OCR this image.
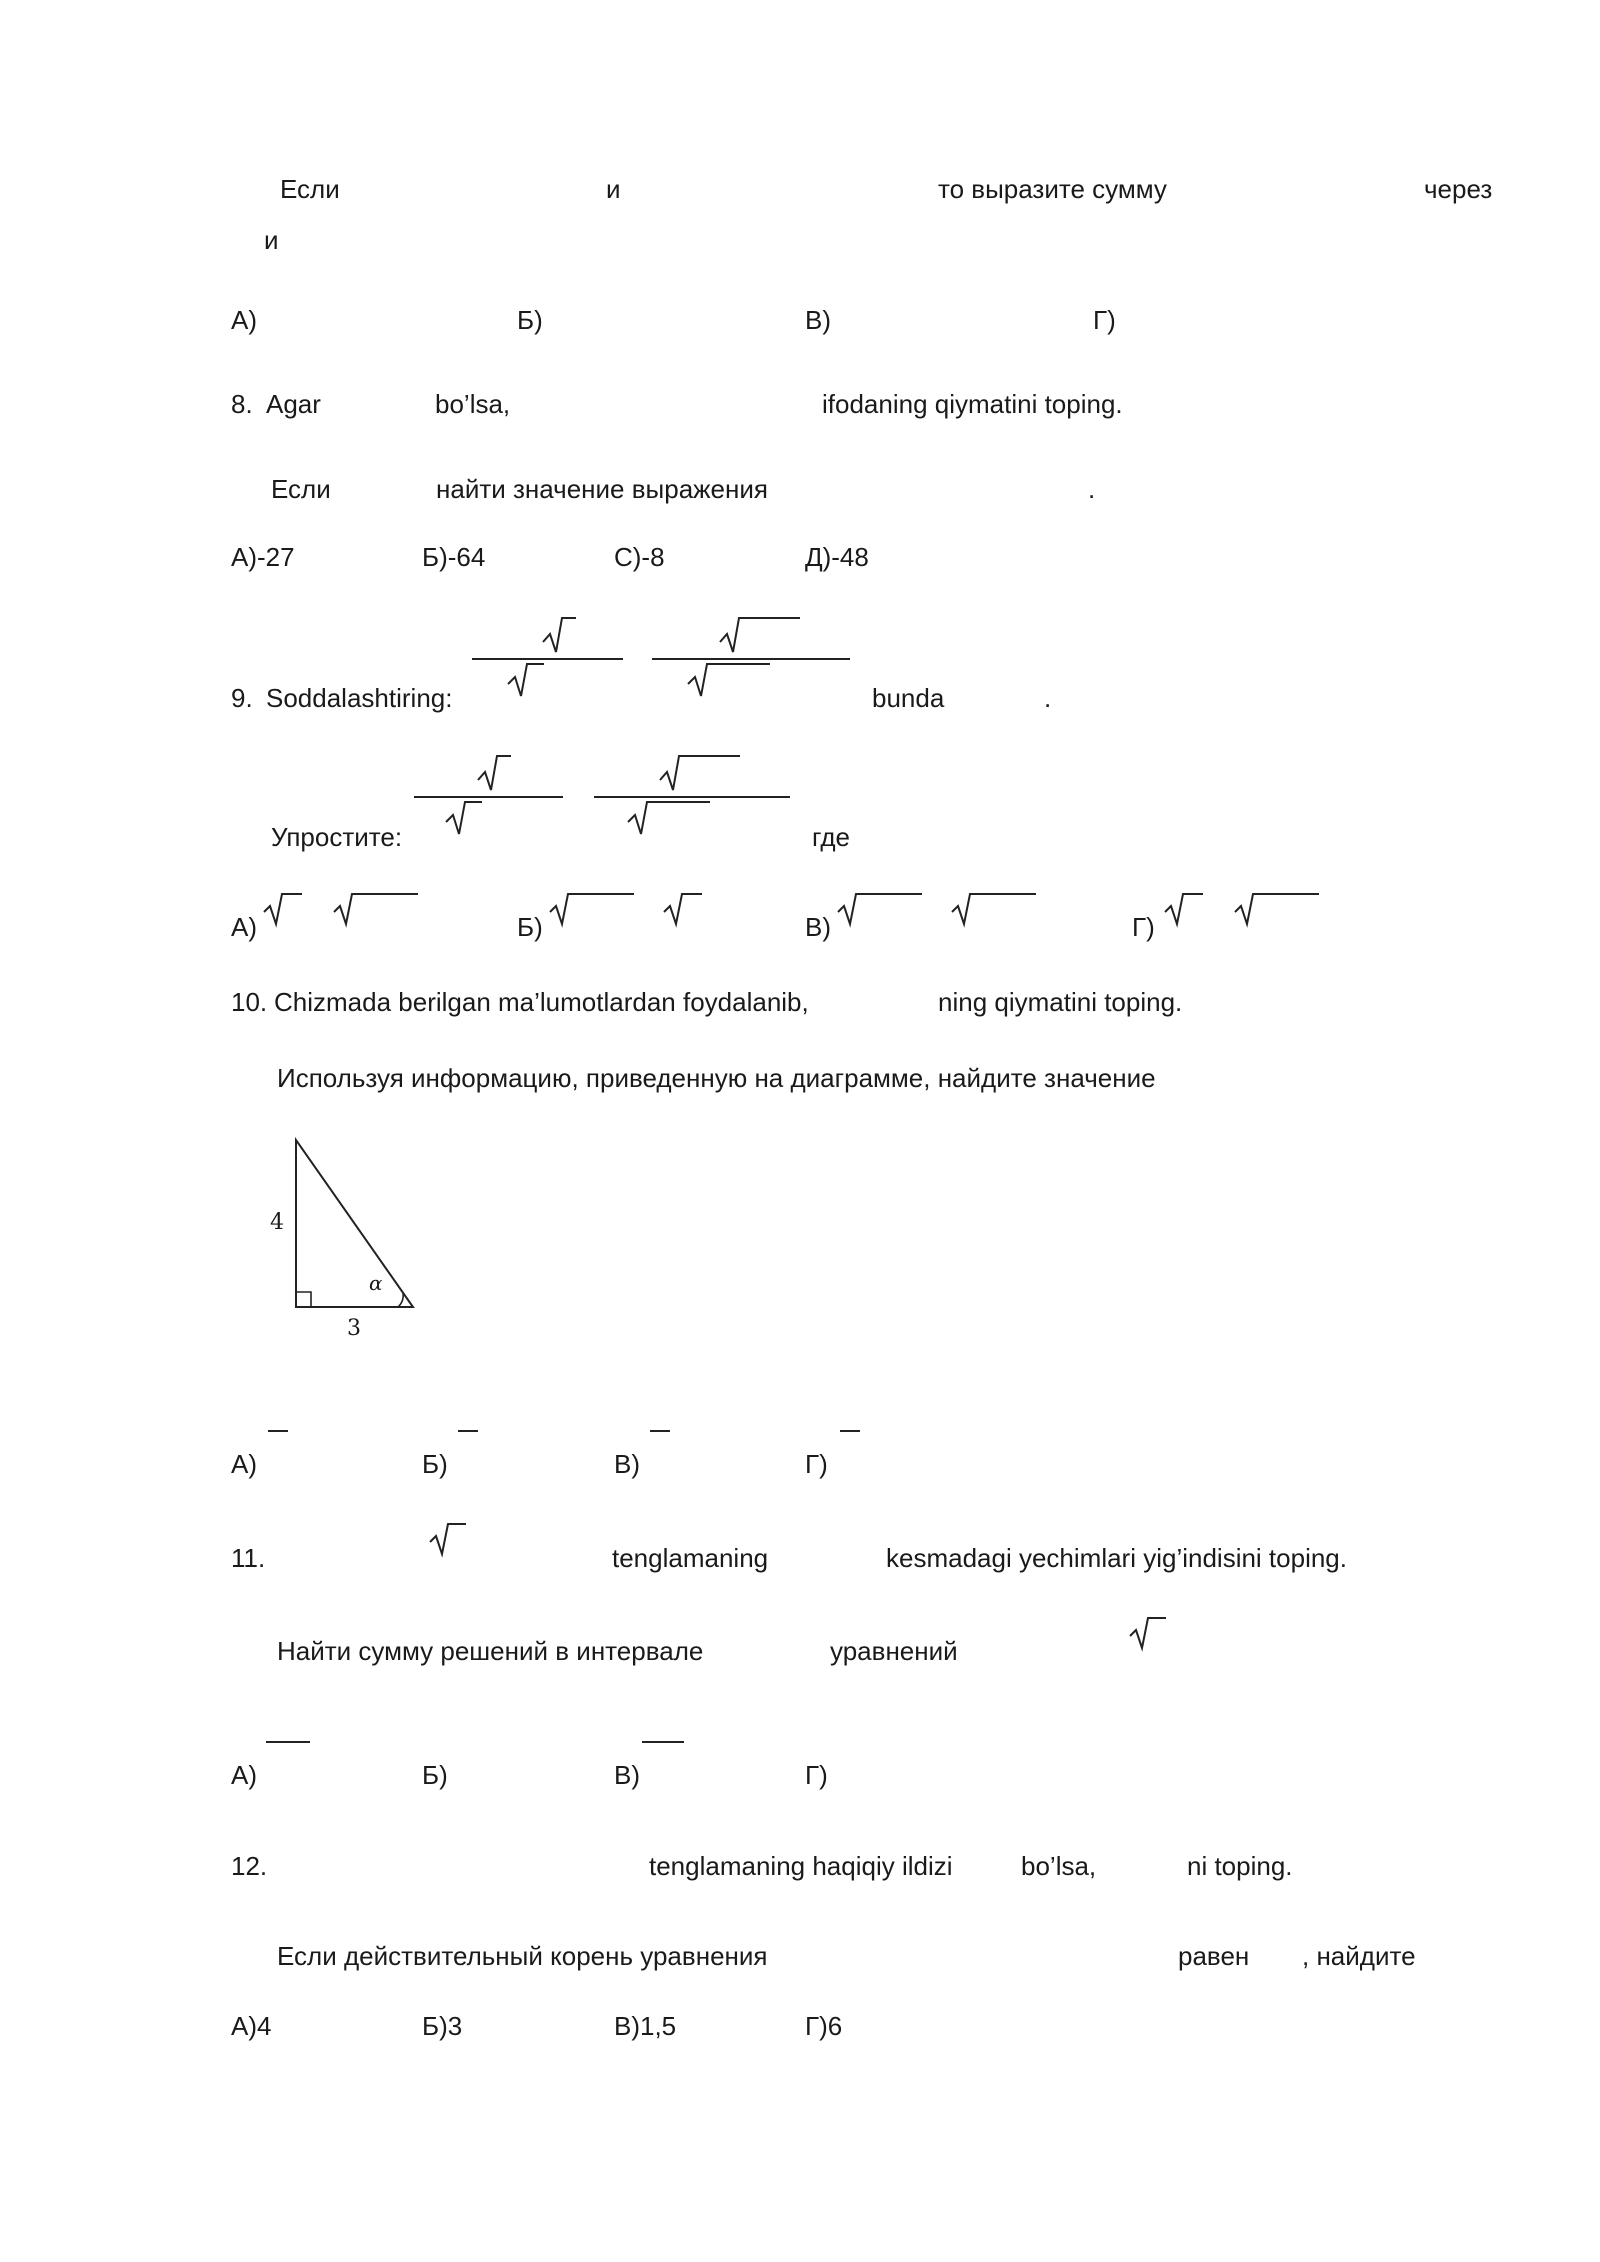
Если	и	то выразите сумму	через
и
А)	Б)	В)	Г)
8. Agar	bo’lsa,	ifodaning qiymatini toping.
Если	найти значение выражения	.
А)-27	Б)-64	С)-8	Д)-48
9. Soddalashtiring:	bunda	.
Упростите:	где
А)	Б)	В)	Г)
10. Chizmada berilgan ma’lumotlardan foydalanib,	ning qiymatini toping.
Используя информацию, приведенную на диаграмме, найдите значение
4
3
α
А)	Б)	В)	Г)
11.	tenglamaning	kesmadagi yechimlari yig’indisini toping.
Найти сумму решений в интервале	уравнений
А)	Б)	В)	Г)
12.	tenglamaning haqiqiy ildizi	bo’lsa,	ni toping.
Если действительный корень уравнения	равен , найдите
А)4	Б)3	В)1,5	Г)6
